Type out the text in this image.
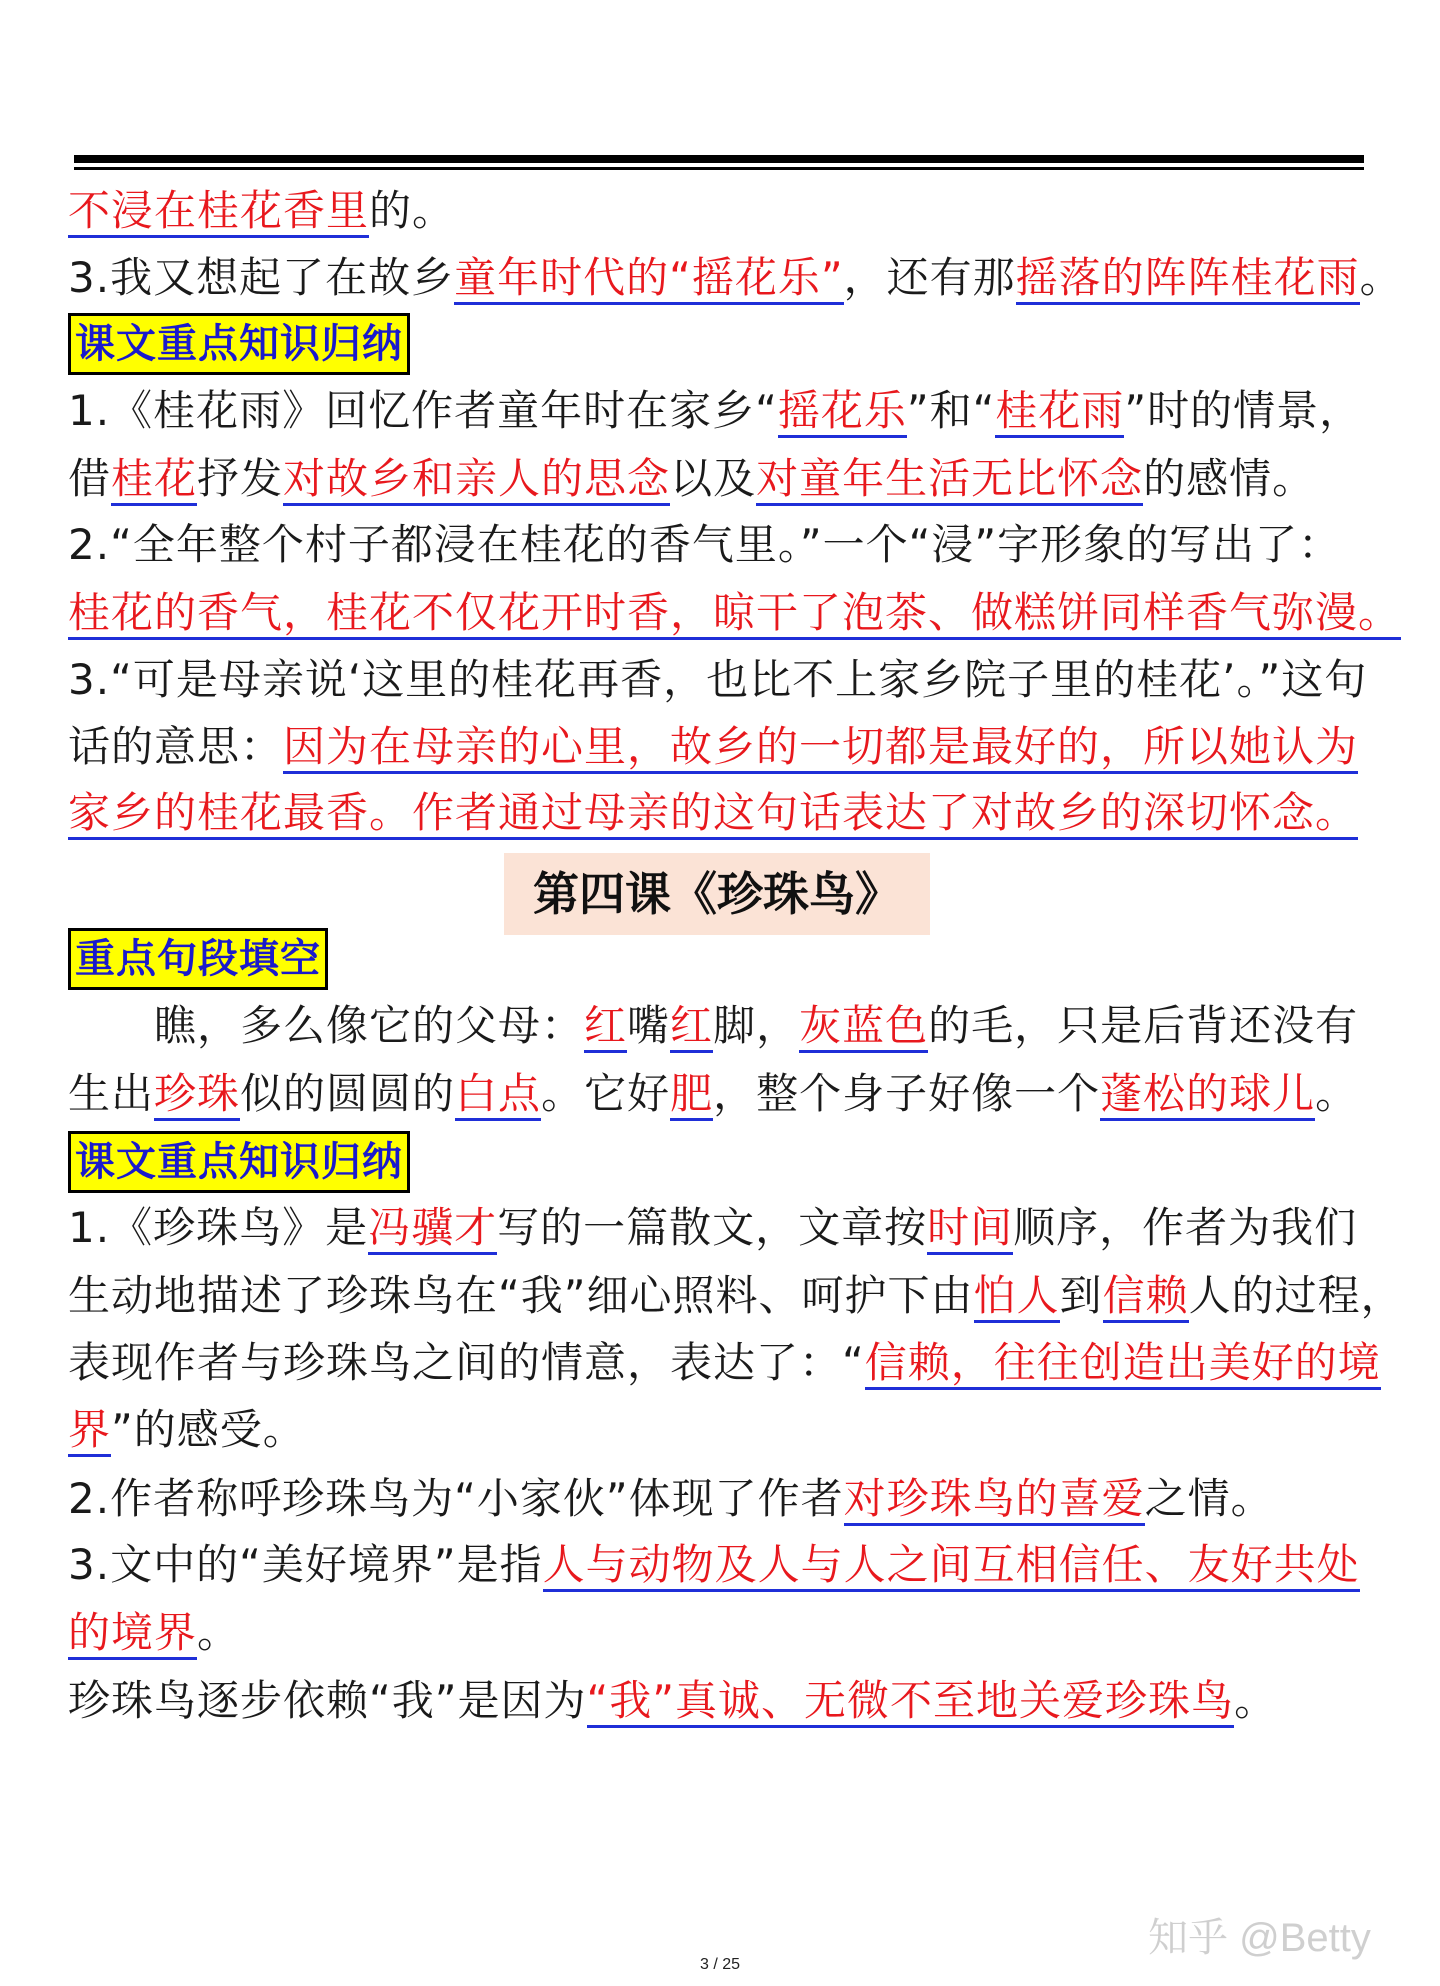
不浸在桂花香里的。
3.我又想起了在故乡童年时代的“摇花乐”，还有那摇落的阵阵桂花雨。
课文重点知识归纳
1.《桂花雨》回忆作者童年时在家乡“摇花乐”和“桂花雨”时的情景，
借桂花抒发对故乡和亲人的思念以及对童年生活无比怀念的感情。
2.“全年整个村子都浸在桂花的香气里。”一个“浸”字形象的写出了：
桂花的香气，桂花不仅花开时香，晾干了泡茶、做糕饼同样香气弥漫。
3.“可是母亲说‘这里的桂花再香，也比不上家乡院子里的桂花’。”这句
话的意思：因为在母亲的心里，故乡的一切都是最好的，所以她认为
家乡的桂花最香。作者通过母亲的这句话表达了对故乡的深切怀念。
重点句段填空
　　瞧，多么像它的父母：红嘴红脚，灰蓝色的毛，只是后背还没有
生出珍珠似的圆圆的白点。它好肥，整个身子好像一个蓬松的球儿。
课文重点知识归纳
1.《珍珠鸟》是冯骥才写的一篇散文，文章按时间顺序，作者为我们
生动地描述了珍珠鸟在“我”细心照料、呵护下由怕人到信赖人的过程，
表现作者与珍珠鸟之间的情意，表达了：“信赖，往往创造出美好的境
界”的感受。
2.作者称呼珍珠鸟为“小家伙”体现了作者对珍珠鸟的喜爱之情。
3.文中的“美好境界”是指人与动物及人与人之间互相信任、友好共处
的境界。
珍珠鸟逐步依赖“我”是因为“我”真诚、无微不至地关爱珍珠鸟。
第四课《珍珠鸟》
知乎 @Betty
3 / 25
